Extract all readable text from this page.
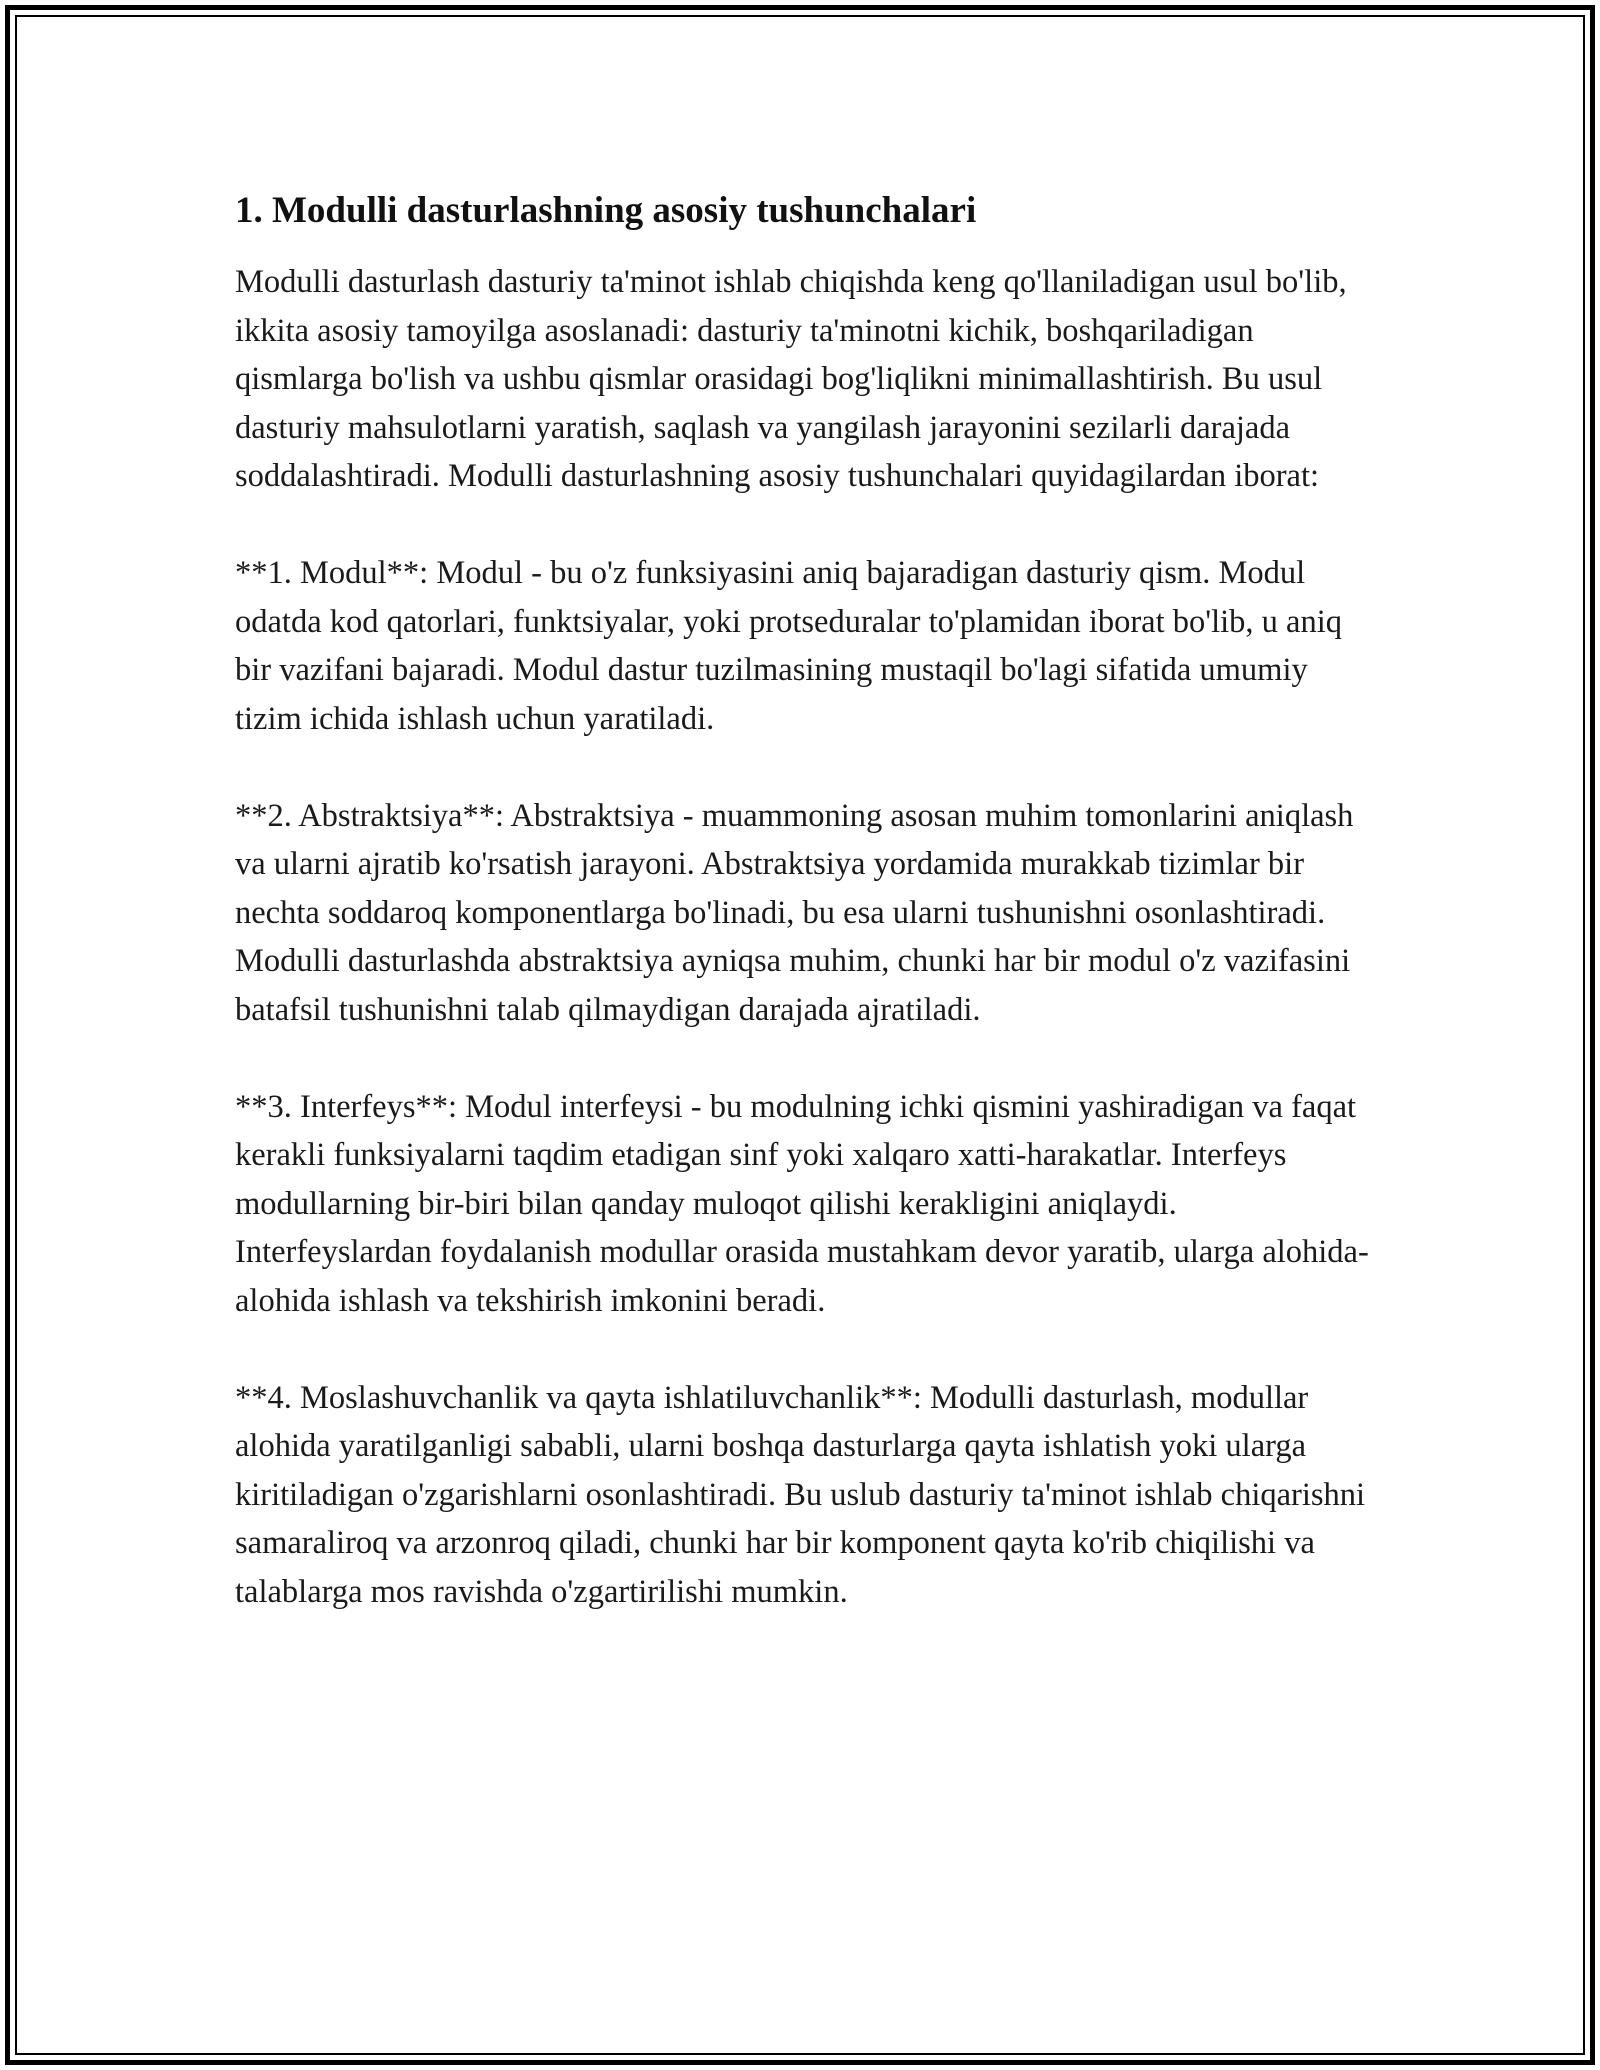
1. Modulli dasturlashning asosiy tushunchalari

Modulli dasturlash dasturiy ta'minot ishlab chiqishda keng qo'llaniladigan usul bo'lib, ikkita asosiy tamoyilga asoslanadi: dasturiy ta'minotni kichik, boshqariladigan qismlarga bo'lish va ushbu qismlar orasidagi bog'liqlikni minimallashtirish. Bu usul dasturiy mahsulotlarni yaratish, saqlash va yangilash jarayonini sezilarli darajada soddalashtiradi. Modulli dasturlashning asosiy tushunchalari quyidagilardan iborat:

**1. Modul**: Modul - bu o'z funksiyasini aniq bajaradigan dasturiy qism. Modul odatda kod qatorlari, funktsiyalar, yoki protseduralar to'plamidan iborat bo'lib, u aniq bir vazifani bajaradi. Modul dastur tuzilmasining mustaqil bo'lagi sifatida umumiy tizim ichida ishlash uchun yaratiladi.

**2. Abstraktsiya**: Abstraktsiya - muammoning asosan muhim tomonlarini aniqlash va ularni ajratib ko'rsatish jarayoni. Abstraktsiya yordamida murakkab tizimlar bir nechta soddaroq komponentlarga bo'linadi, bu esa ularni tushunishni osonlashtiradi. Modulli dasturlashda abstraktsiya ayniqsa muhim, chunki har bir modul o'z vazifasini batafsil tushunishni talab qilmaydigan darajada ajratiladi.

**3. Interfeys**: Modul interfeysi - bu modulning ichki qismini yashiradigan va faqat kerakli funksiyalarni taqdim etadigan sinf yoki xalqaro xatti-harakatlar. Interfeys modullarning bir-biri bilan qanday muloqot qilishi kerakligini aniqlaydi. Interfeyslardan foydalanish modullar orasida mustahkam devor yaratib, ularga alohida-alohida ishlash va tekshirish imkonini beradi.

**4. Moslashuvchanlik va qayta ishlatiluvchanlik**: Modulli dasturlash, modullar alohida yaratilganligi sababli, ularni boshqa dasturlarga qayta ishlatish yoki ularga kiritiladigan o'zgarishlarni osonlashtiradi. Bu uslub dasturiy ta'minot ishlab chiqarishni samaraliroq va arzonroq qiladi, chunki har bir komponent qayta ko'rib chiqilishi va talablarga mos ravishda o'zgartirilishi mumkin.
